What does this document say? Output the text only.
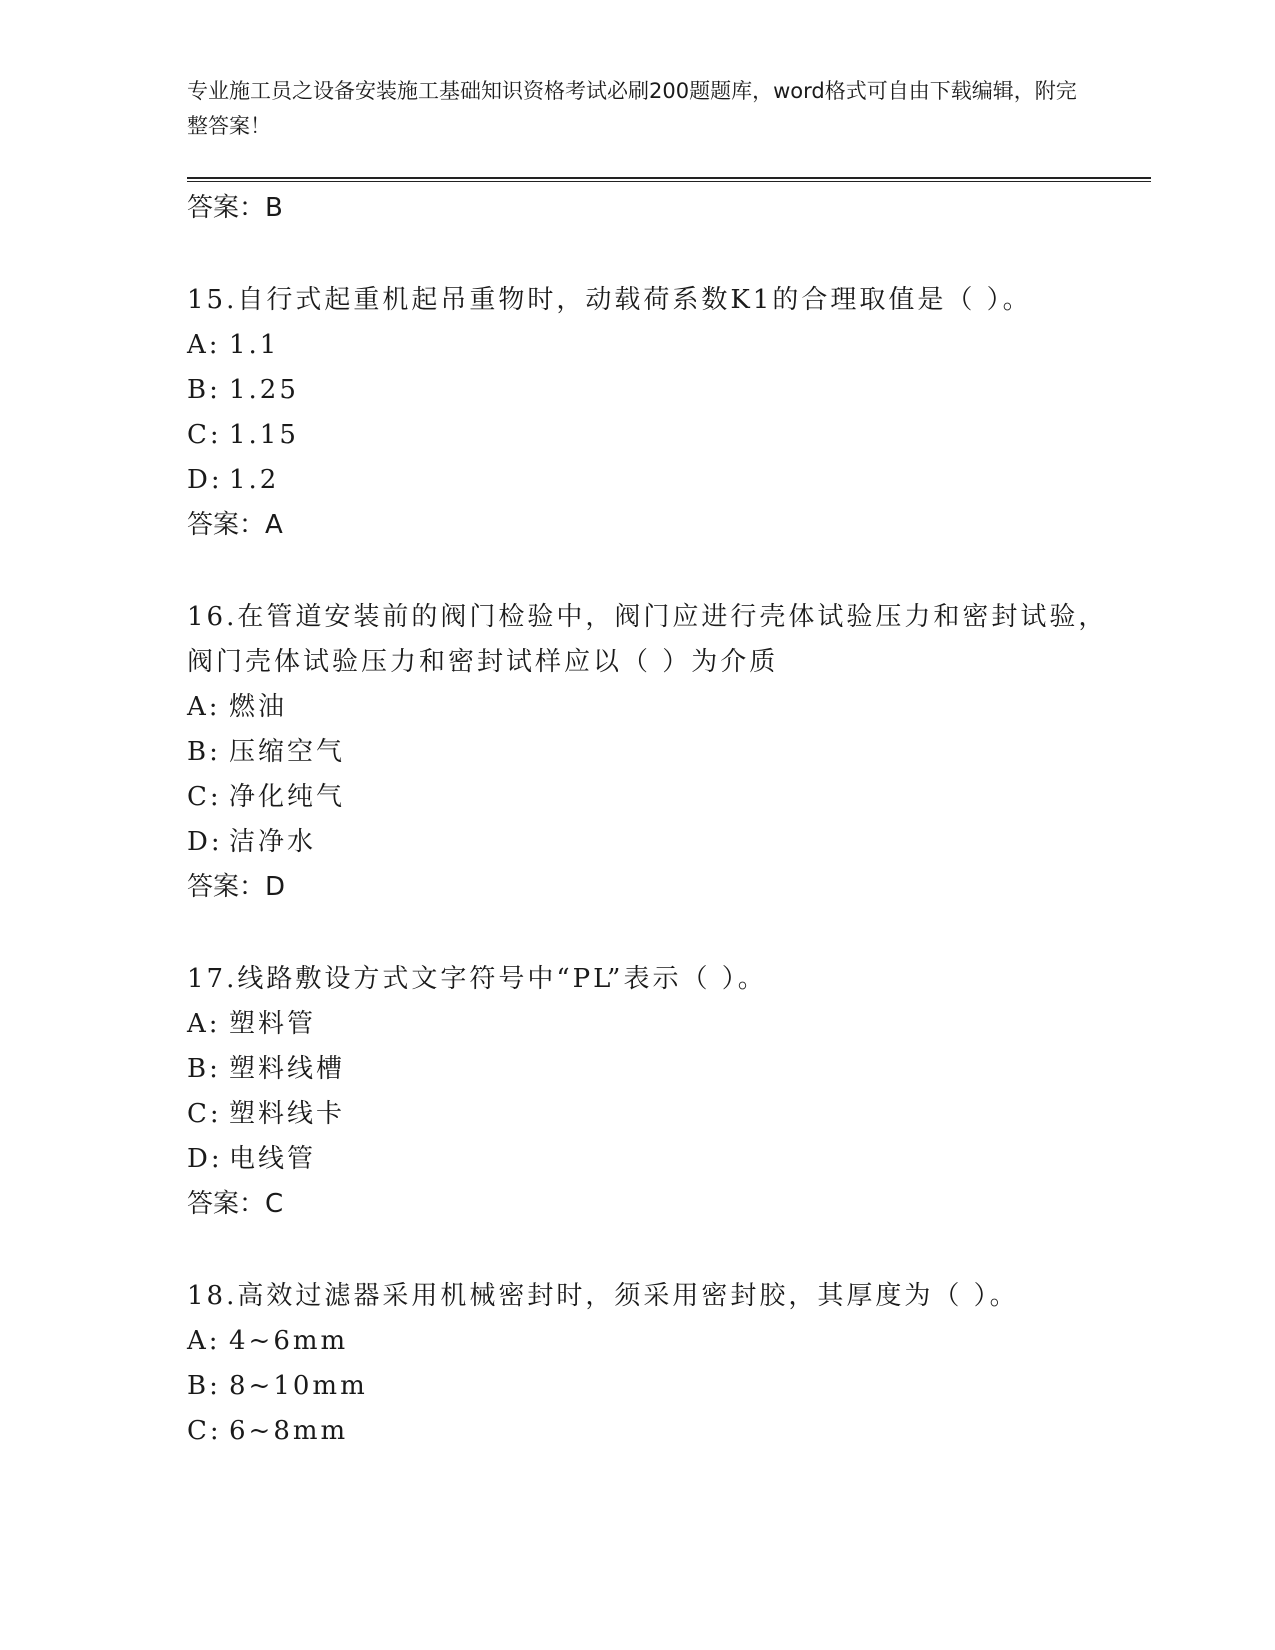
专业施工员之设备安装施工基础知识资格考试必刷200题题库，word格式可自由下载编辑，附完整答案！
答案：B
15.自行式起重机起吊重物时，动载荷系数K1的合理取值是（ ）。
A: 1.1
B: 1.25
C: 1.15
D: 1.2
答案：A
16.在管道安装前的阀门检验中，阀门应进行壳体试验压力和密封试验，阀门壳体试验压力和密封试样应以（ ）为介质
A: 燃油
B: 压缩空气
C: 净化纯气
D: 洁净水
答案：D
17.线路敷设方式文字符号中“PL”表示（ ）。
A: 塑料管
B: 塑料线槽
C: 塑料线卡
D: 电线管
答案：C
18.高效过滤器采用机械密封时，须采用密封胶，其厚度为（ ）。
A: 4~6mm
B: 8~10mm
C: 6~8mm
